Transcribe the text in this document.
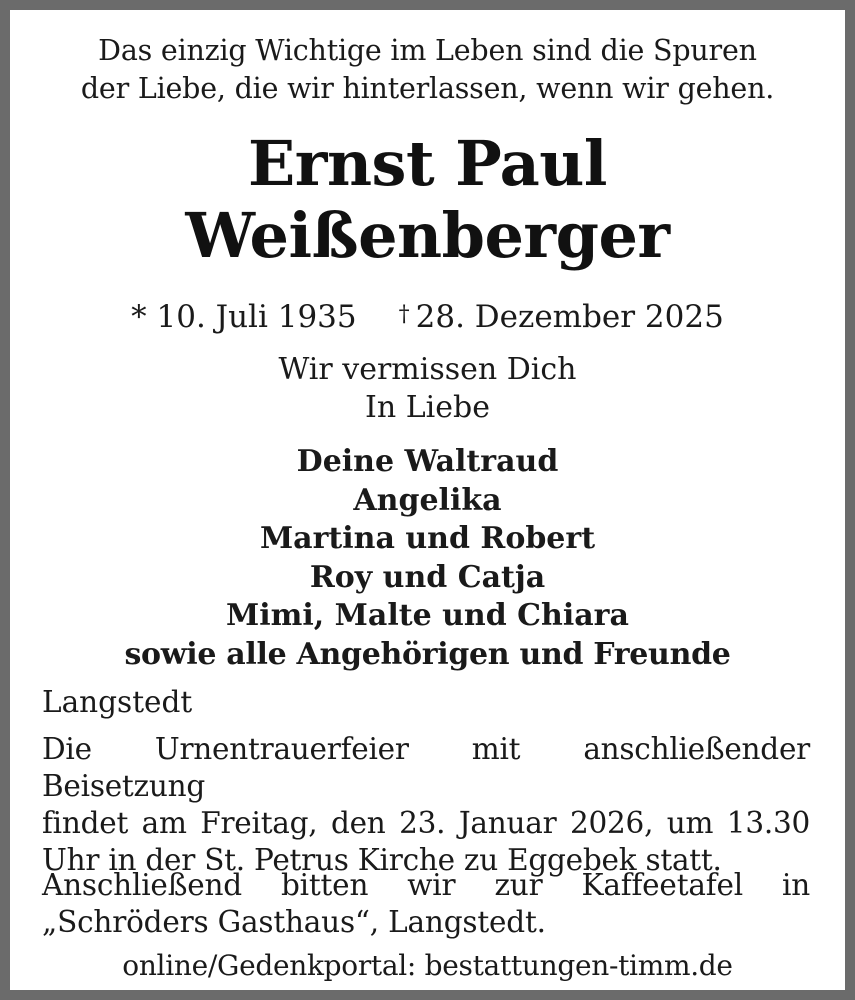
Das einzig Wichtige im Leben sind die Spuren
der Liebe, die wir hinterlassen, wenn wir gehen.
Ernst Paul
Weißenberger
* 10. Juli 1935 † 28. Dezember 2025
Wir vermissen Dich
In Liebe
Deine Waltraud
Angelika
Martina und Robert
Roy und Catja
Mimi, Malte und Chiara
sowie alle Angehörigen und Freunde
Langstedt
Die Urnentrauerfeier mit anschließender Beisetzung
findet am Freitag, den 23. Januar 2026, um 13.30
Uhr in der St. Petrus Kirche zu Eggebek statt.
Anschließend bitten wir zur Kaffeetafel in
„Schröders Gasthaus“, Langstedt.
online/Gedenkportal: bestattungen-timm.de
